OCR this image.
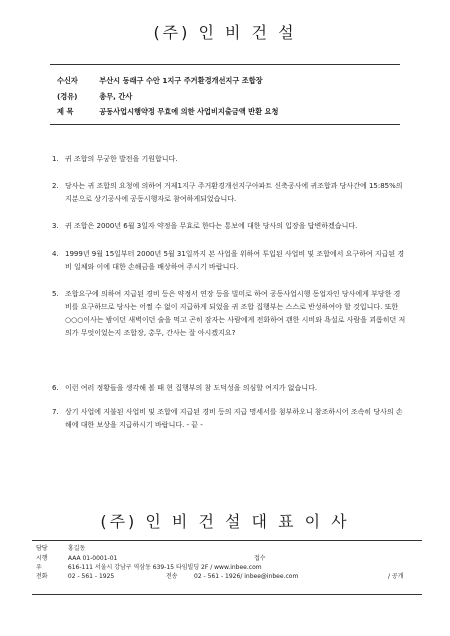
(주) 인 비 건 설
수신자	부산시 동래구 수안 1지구 주거환경개선지구 조합장
(경유)	총무, 간사
제 목	공동사업시행약정 무효에 의한 사업비지출금액 반환 요청
1. 귀 조합의 무궁한 발전을 기원합니다.
2. 당사는 귀 조합의 요청에 의하여 거제1지구 주거환경개선지구아파트 신축공사에 귀조합과 당사간에 15:85%의 지분으로 상기공사에 공동시행자로 참여하게되었습니다.
3. 귀 조합은 2000년 6월 3일자 약정을 무효로 한다는 통보에 대한 당사의 입장을 답변하겠습니다.
4. 1999년 9월 15일부터 2000년 5월 31일까지 본 사업을 위하여 투입된 사업비 및 조합에서 요구하여 지급된 경비 일체와 이에 대한 손해금을 배상하여 주시기 바랍니다.
5. 조합요구에 의하여 지급된 경비 등은 약정서 연장 등을 빌미로 하여 공동사업시행 동업자인 당사에게 부당한 경비를 요구하므로 당사는 어쩔 수 없이 지급하게 되었을 귀 조합 집행부는 스스로 반성하여야 할 것입니다. 또한 ○○○이사는 밤이던 새벽이던 술을 먹고 곤히 잠자는 사람에게 전화하여 괜한 시비와 욕설로 사람을 괴롭히던 저의가 무엇이었는지 조합장, 총무, 간사는 잘 아시겠지요?
6. 이런 여러 정황들을 생각해 볼 때 현 집행부의 참 도덕성을 의심할 여지가 없습니다.
7. 상기 사업에 지불된 사업비 및 조합에 지급된 경비 등의 지급 명세서를 첨부하오니 참조하시어 조속히 당사의 손해에 대한 보상을 지급하시기 바랍니다. - 끝 -
(주) 인 비 건 설 대 표 이 사
담당	홍길동
시행	AAA 01-0001-01	접수
우	616-111 서울시 강남구 역삼동 639-15 타임빌딩 2F / www.inbee.com
전화	02 - 561 - 1925	전송	02 - 561 - 1926/ inbee@inbee.com	/ 공개
